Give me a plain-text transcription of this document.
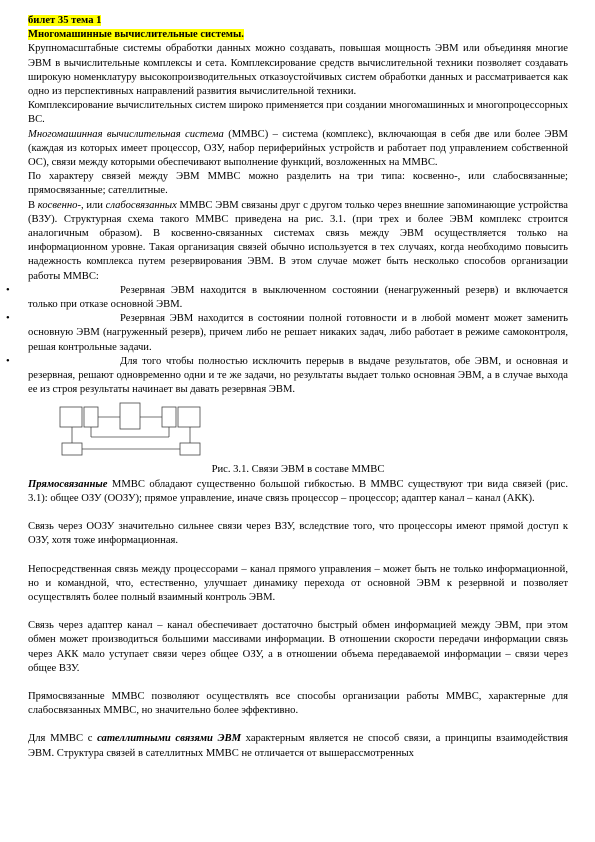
билет 35 тема 1
Многомашинные вычислительные системы.

Крупномасштабные системы обработки данных можно создавать, повышая мощность ЭВМ или объединяя многие ЭВМ в вычислительные комплексы и сета. Комплексирование средств вычислительной техники позволяет создавать широкую номенклатуру высокопроизводительных отказоустойчивых систем обработки данных и рассматривается как одно из перспективных направлений развития вычислительной техники.

Комплексирование вычислительных систем широко применяется при создании многомашинных и многопроцессорных ВС.

Многомашинная вычислительная система (ММВС) – система (комплекс), включающая в себя две или более ЭВМ (каждая из которых имеет процессор, ОЗУ, набор периферийных устройств и работает под управлением собственной ОС), связи между которыми обеспечивают выполнение функций, возложенных на ММВС.

По характеру связей между ЭВМ ММВС можно разделить на три типа: косвенно-, или слабосвязанные; прямосвязанные; сателлитные.

В косвенно-, или слабосвязанных ММВС ЭВМ связаны друг с другом только через внешние запоминающие устройства (ВЗУ). Структурная схема такого ММВС приведена на рис. 3.1. (при трех и более ЭВМ комплекс строится аналогичным образом). В косвенно-связанных системах связь между ЭВМ осуществляется только на информационном уровне. Такая организация связей обычно используется в тех случаях, когда необходимо повысить надежность комплекса путем резервирования ЭВМ. В этом случае может быть несколько способов организации работы ММВС:

•	Резервная ЭВМ находится в выключенном состоянии (ненагруженный резерв) и включается только при отказе основной ЭВМ.

•	Резервная ЭВМ находится в состоянии полной готовности и в любой момент может заменить основную ЭВМ (нагруженный резерв), причем либо не решает никаких задач, либо работает в режиме самоконтроля, решая контрольные задачи.

•	Для того чтобы полностью исключить перерыв в выдаче результатов, обе ЭВМ, и основная и резервная, решают одновременно одни и те же задачи, но результаты выдает только основная ЭВМ, а в случае выхода ее из строя результаты начинает вы давать резервная ЭВМ.

Рис. 3.1. Связи ЭВМ в составе ММВС

Прямосвязанные ММВС обладают существенно большой гибкостью. В ММВС существуют три вида связей (рис. 3.1): общее ОЗУ (ООЗУ); прямое управление, иначе связь процессор – процессор; адаптер канал – канал (АКК).

Связь через ООЗУ значительно сильнее связи через ВЗУ, вследствие того, что процессоры имеют прямой доступ к ОЗУ, хотя тоже информационная.

Непосредственная связь между процессорами – канал прямого управления – может быть не только информационной, но и командной, что, естественно, улучшает динамику перехода от основной ЭВМ к резервной и позволяет осуществлять более полный взаимный контроль ЭВМ.

Связь через адаптер канал – канал обеспечивает достаточно быстрый обмен информацией между ЭВМ, при этом обмен может производиться большими массивами информации. В отношении скорости передачи информации связь через АКК мало уступает связи через общее ОЗУ, а в отношении объема передаваемой информации – связи через общее ВЗУ.

Прямосвязанные ММВС позволяют осуществлять все способы организации работы ММВС, характерные для слабосвязанных ММВС, но значительно более эффективно.

Для ММВС с сателлитными связями ЭВМ характерным является не способ связи, а принципы взаимодействия ЭВМ. Структура связей в сателлитных ММВС не отличается от вышерассмотренных
